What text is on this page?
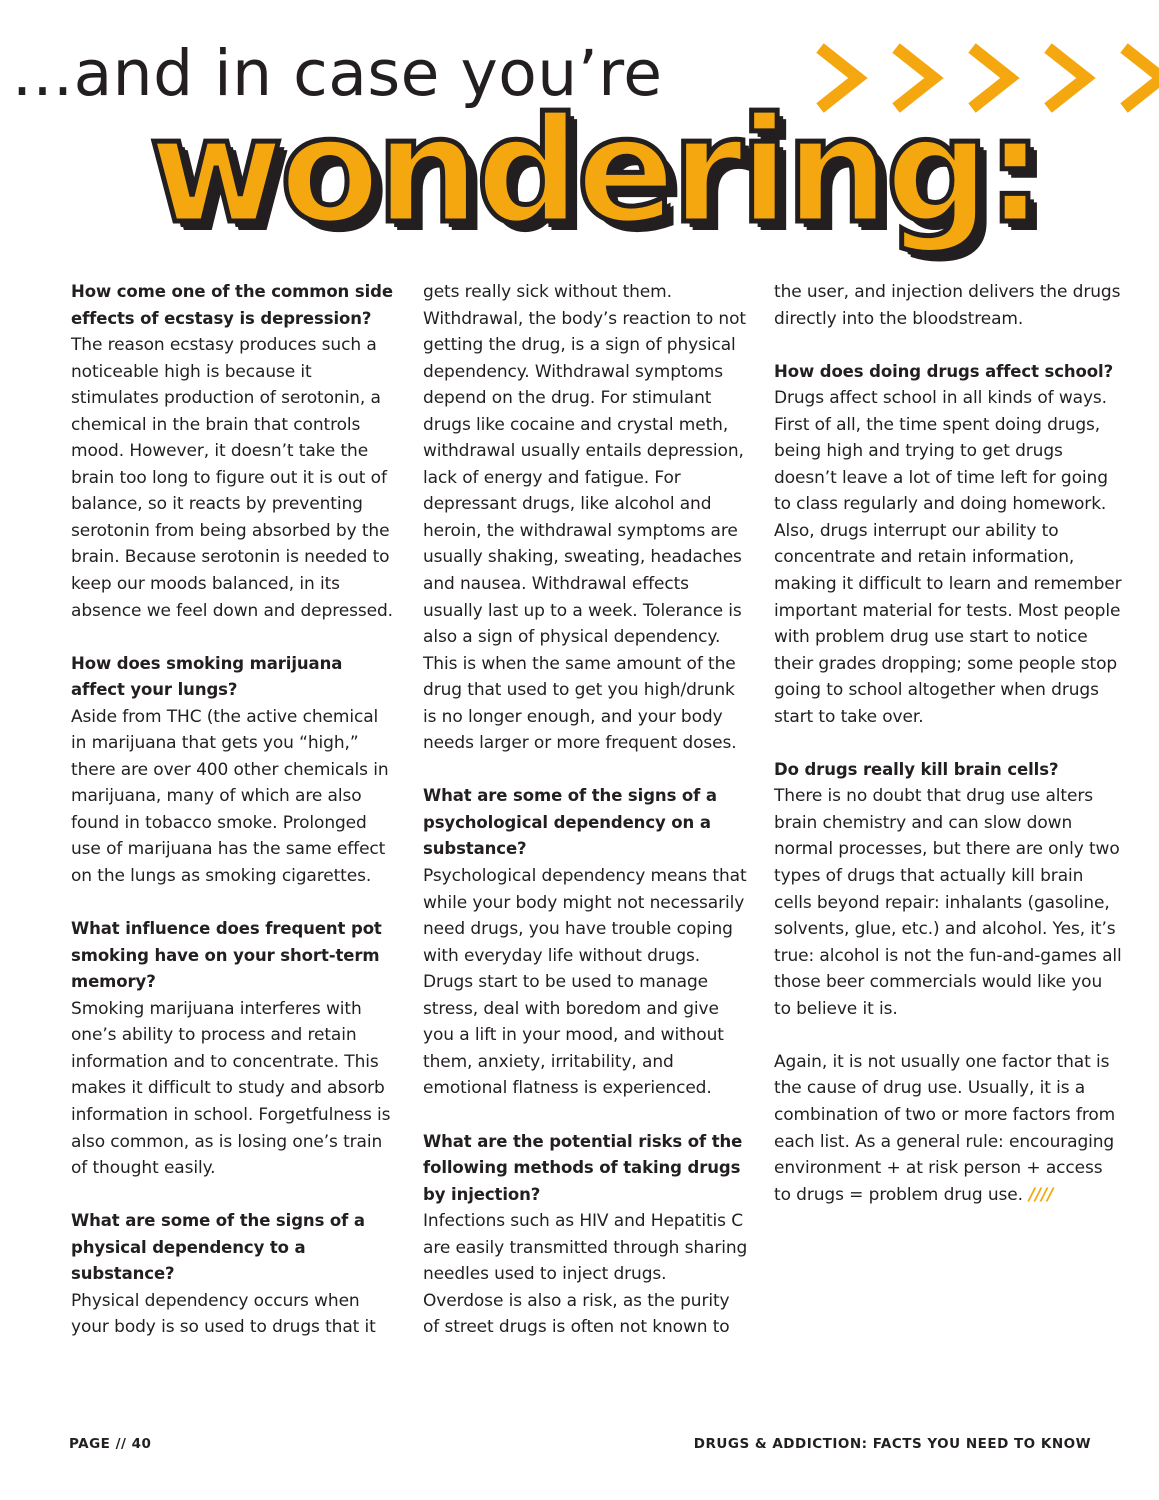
...and in case you’re
wondering:

How come one of the common side effects of ecstasy is depression?

The reason ecstasy produces such a noticeable high is because it stimulates production of serotonin, a chemical in the brain that controls mood. However, it doesn’t take the brain too long to figure out it is out of balance, so it reacts by preventing serotonin from being absorbed by the brain. Because serotonin is needed to keep our moods balanced, in its absence we feel down and depressed.

How does smoking marijuana affect your lungs?

Aside from THC (the active chemical in marijuana that gets you “high,” there are over 400 other chemicals in marijuana, many of which are also found in tobacco smoke. Prolonged use of marijuana has the same effect on the lungs as smoking cigarettes.

What influence does frequent pot smoking have on your short-term memory?

Smoking marijuana interferes with one’s ability to process and retain information and to concentrate. This makes it difficult to study and absorb information in school. Forgetfulness is also common, as is losing one’s train of thought easily.

What are some of the signs of a physical dependency to a substance?

Physical dependency occurs when your body is so used to drugs that it

gets really sick without them. Withdrawal, the body’s reaction to not getting the drug, is a sign of physical dependency. Withdrawal symptoms depend on the drug. For stimulant drugs like cocaine and crystal meth, withdrawal usually entails depression, lack of energy and fatigue. For depressant drugs, like alcohol and heroin, the withdrawal symptoms are usually shaking, sweating, headaches and nausea. Withdrawal effects usually last up to a week. Tolerance is also a sign of physical dependency. This is when the same amount of the drug that used to get you high/drunk is no longer enough, and your body needs larger or more frequent doses.

What are some of the signs of a psychological dependency on a substance?

Psychological dependency means that while your body might not necessarily need drugs, you have trouble coping with everyday life without drugs. Drugs start to be used to manage stress, deal with boredom and give you a lift in your mood, and without them, anxiety, irritability, and emotional flatness is experienced.

What are the potential risks of the following methods of taking drugs by injection?

Infections such as HIV and Hepatitis C are easily transmitted through sharing needles used to inject drugs. Overdose is also a risk, as the purity of street drugs is often not known to

the user, and injection delivers the drugs directly into the bloodstream.

How does doing drugs affect school?

Drugs affect school in all kinds of ways. First of all, the time spent doing drugs, being high and trying to get drugs doesn’t leave a lot of time left for going to class regularly and doing homework. Also, drugs interrupt our ability to concentrate and retain information, making it difficult to learn and remember important material for tests. Most people with problem drug use start to notice their grades dropping; some people stop going to school altogether when drugs start to take over.

Do drugs really kill brain cells?

There is no doubt that drug use alters brain chemistry and can slow down normal processes, but there are only two types of drugs that actually kill brain cells beyond repair: inhalants (gasoline, solvents, glue, etc.) and alcohol. Yes, it’s true: alcohol is not the fun-and-games all those beer commercials would like you to believe it is.

Again, it is not usually one factor that is the cause of drug use. Usually, it is a combination of two or more factors from each list. As a general rule: encouraging environment + at risk person + access to drugs = problem drug use. ////

PAGE // 40	DRUGS & ADDICTION: FACTS YOU NEED TO KNOW
